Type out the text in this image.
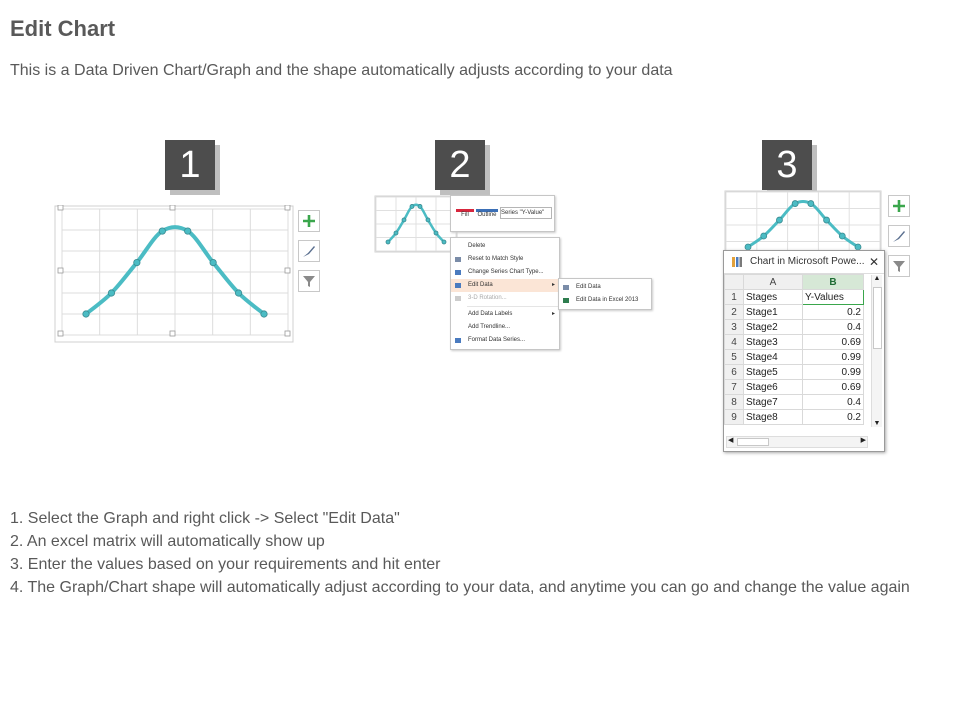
Edit Chart
This is a Data Driven Chart/Graph and the shape automatically adjusts according to your data
1	2	3
Fill	Outline Series "Y-Value"
Delete
Reset to Match Style
Change Series Chart Type...
Edit Data	▸
3-D Rotation...
Add Data Labels	▸
Add Trendline...
Format Data Series...
Edit Data
Edit Data in Excel 2013
Chart in Microsoft Powe... ✕
	A	B
1	Stages	Y-Values
2	Stage1	0.2
3	Stage2	0.4
4	Stage3	0.69
5	Stage4	0.99
6	Stage5	0.99
7	Stage6	0.69
8	Stage7	0.4
9	Stage8	0.2
▲
▼
◀	▶
1. Select the Graph and right click -> Select "Edit Data"
2. An excel matrix will automatically show up
3. Enter the values based on your requirements and hit enter
4. The Graph/Chart shape will automatically adjust according to your data, and anytime you can go and change the value again
